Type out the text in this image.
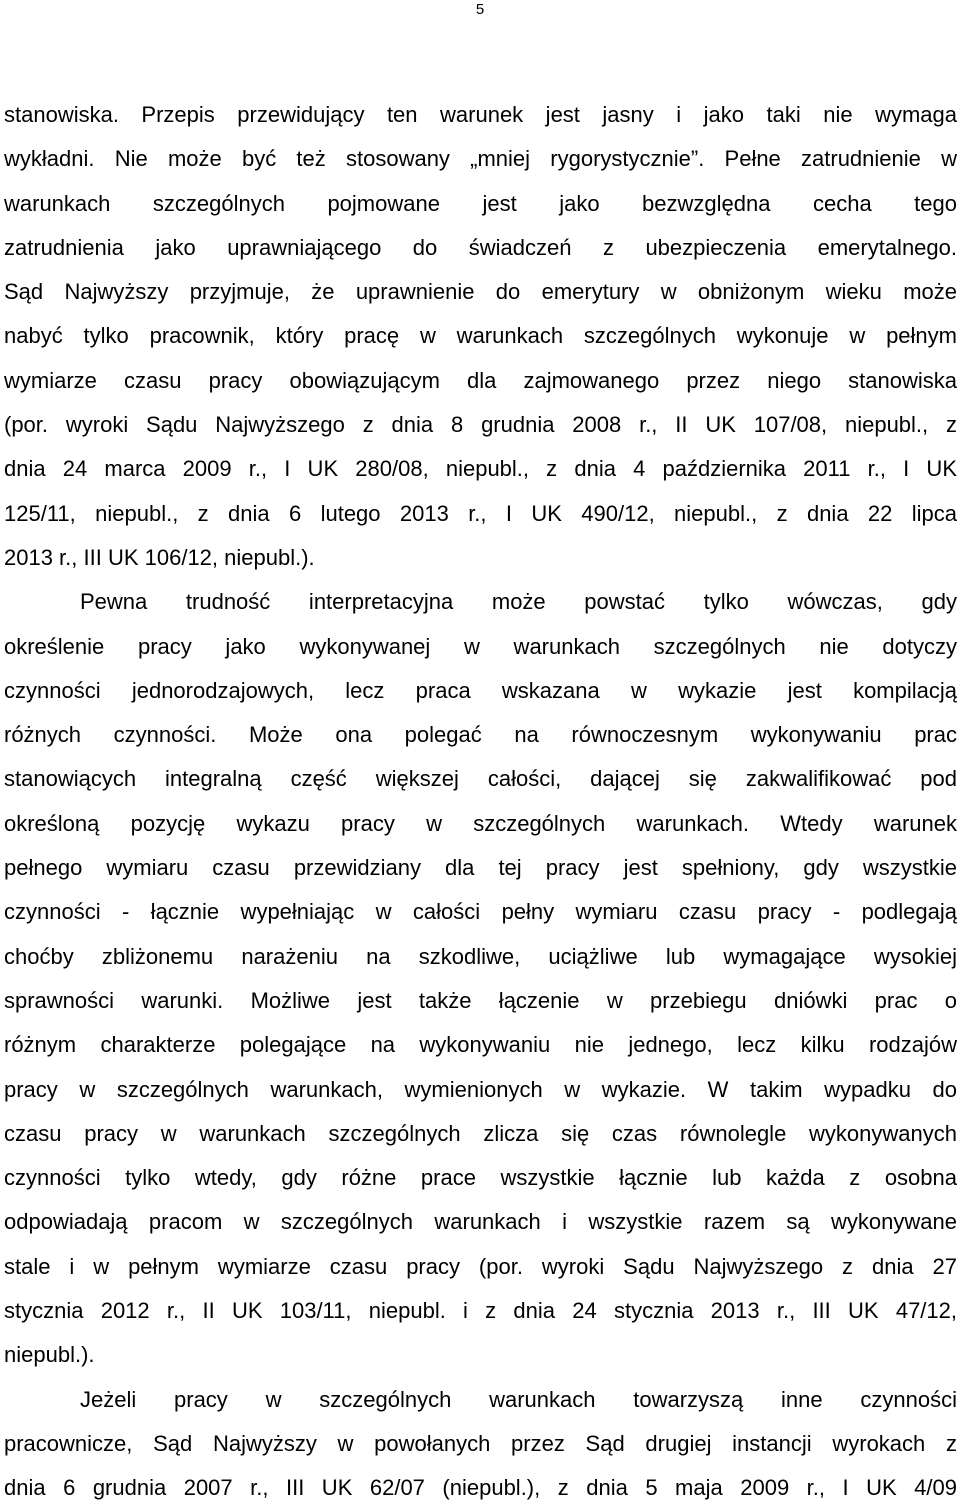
5
stanowiska. Przepis przewidujący ten warunek jest jasny i jako taki nie wymaga
wykładni. Nie może być też stosowany „mniej rygorystycznie”. Pełne zatrudnienie w
warunkach szczególnych pojmowane jest jako bezwzględna cecha tego
zatrudnienia jako uprawniającego do świadczeń z ubezpieczenia emerytalnego.
Sąd Najwyższy przyjmuje, że uprawnienie do emerytury w obniżonym wieku może
nabyć tylko pracownik, który pracę w warunkach szczególnych wykonuje w pełnym
wymiarze czasu pracy obowiązującym dla zajmowanego przez niego stanowiska
(por. wyroki Sądu Najwyższego z dnia 8 grudnia 2008 r., II UK 107/08, niepubl., z
dnia 24 marca 2009 r., I UK 280/08, niepubl., z dnia 4 października 2011 r., I UK
125/11, niepubl., z dnia 6 lutego 2013 r., I UK 490/12, niepubl., z dnia 22 lipca
2013 r., III UK 106/12, niepubl.).
Pewna trudność interpretacyjna może powstać tylko wówczas, gdy
określenie pracy jako wykonywanej w warunkach szczególnych nie dotyczy
czynności jednorodzajowych, lecz praca wskazana w wykazie jest kompilacją
różnych czynności. Może ona polegać na równoczesnym wykonywaniu prac
stanowiących integralną część większej całości, dającej się zakwalifikować pod
określoną pozycję wykazu pracy w szczególnych warunkach. Wtedy warunek
pełnego wymiaru czasu przewidziany dla tej pracy jest spełniony, gdy wszystkie
czynności - łącznie wypełniając w całości pełny wymiaru czasu pracy - podlegają
choćby zbliżonemu narażeniu na szkodliwe, uciążliwe lub wymagające wysokiej
sprawności warunki. Możliwe jest także łączenie w przebiegu dniówki prac o
różnym charakterze polegające na wykonywaniu nie jednego, lecz kilku rodzajów
pracy w szczególnych warunkach, wymienionych w wykazie. W takim wypadku do
czasu pracy w warunkach szczególnych zlicza się czas równolegle wykonywanych
czynności tylko wtedy, gdy różne prace wszystkie łącznie lub każda z osobna
odpowiadają pracom w szczególnych warunkach i wszystkie razem są wykonywane
stale i w pełnym wymiarze czasu pracy (por. wyroki Sądu Najwyższego z dnia 27
stycznia 2012 r., II UK 103/11, niepubl. i z dnia 24 stycznia 2013 r., III UK 47/12,
niepubl.).
Jeżeli pracy w szczególnych warunkach towarzyszą inne czynności
pracownicze, Sąd Najwyższy w powołanych przez Sąd drugiej instancji wyrokach z
dnia 6 grudnia 2007 r., III UK 62/07 (niepubl.), z dnia 5 maja 2009 r., I UK 4/09
